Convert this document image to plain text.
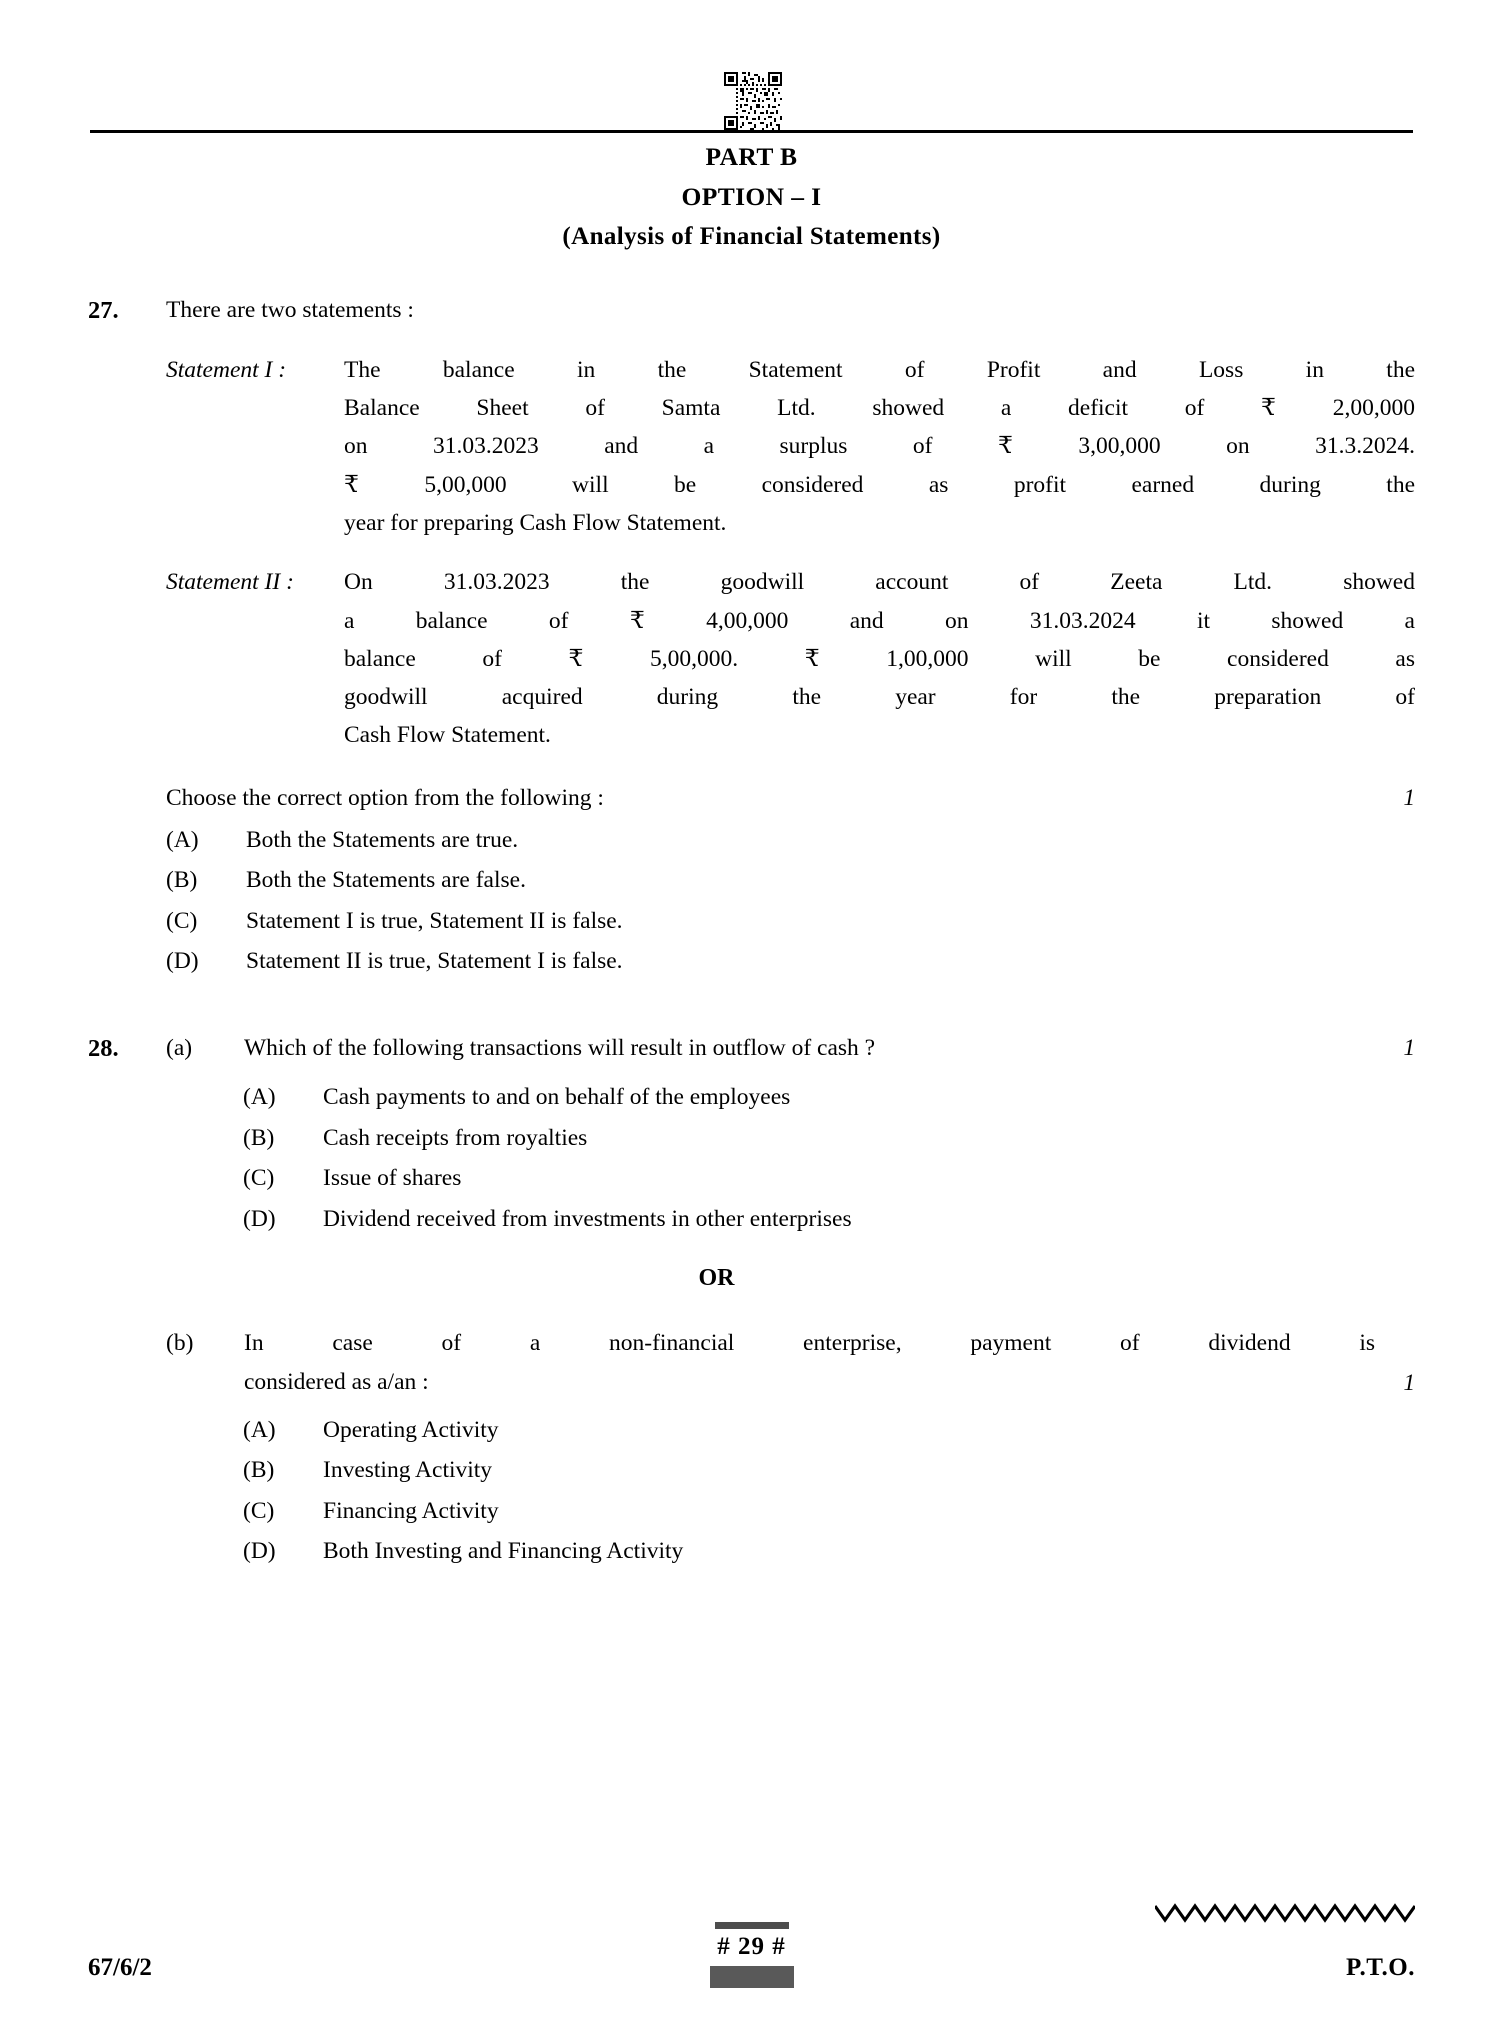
PART B
OPTION – I
(Analysis of Financial Statements)
27.	There are two statements :
Statement I :	The balance in the Statement of Profit and Loss in the
Balance Sheet of Samta Ltd. showed a deficit of ₹ 2,00,000
on 31.03.2023 and a surplus of ₹ 3,00,000 on 31.3.2024.
₹ 5,00,000 will be considered as profit earned during the
year for preparing Cash Flow Statement.
Statement II :	On 31.03.2023 the goodwill account of Zeeta Ltd. showed
a balance of ₹ 4,00,000 and on 31.03.2024 it showed a
balance of ₹ 5,00,000. ₹ 1,00,000 will be considered as
goodwill acquired during the year for the preparation of
Cash Flow Statement.
Choose the correct option from the following :	1
(A)	Both the Statements are true.
(B)	Both the Statements are false.
(C)	Statement I is true, Statement II is false.
(D)	Statement II is true, Statement I is false.
28.	(a)	Which of the following transactions will result in outflow of cash ?	1
(A)	Cash payments to and on behalf of the employees
(B)	Cash receipts from royalties
(C)	Issue of shares
(D)	Dividend received from investments in other enterprises
OR
(b)	In case of a non-financial enterprise, payment of dividend is
considered as a/an :	1
(A)	Operating Activity
(B)	Investing Activity
(C)	Financing Activity
(D)	Both Investing and Financing Activity
67/6/2
# 29 #
P.T.O.
